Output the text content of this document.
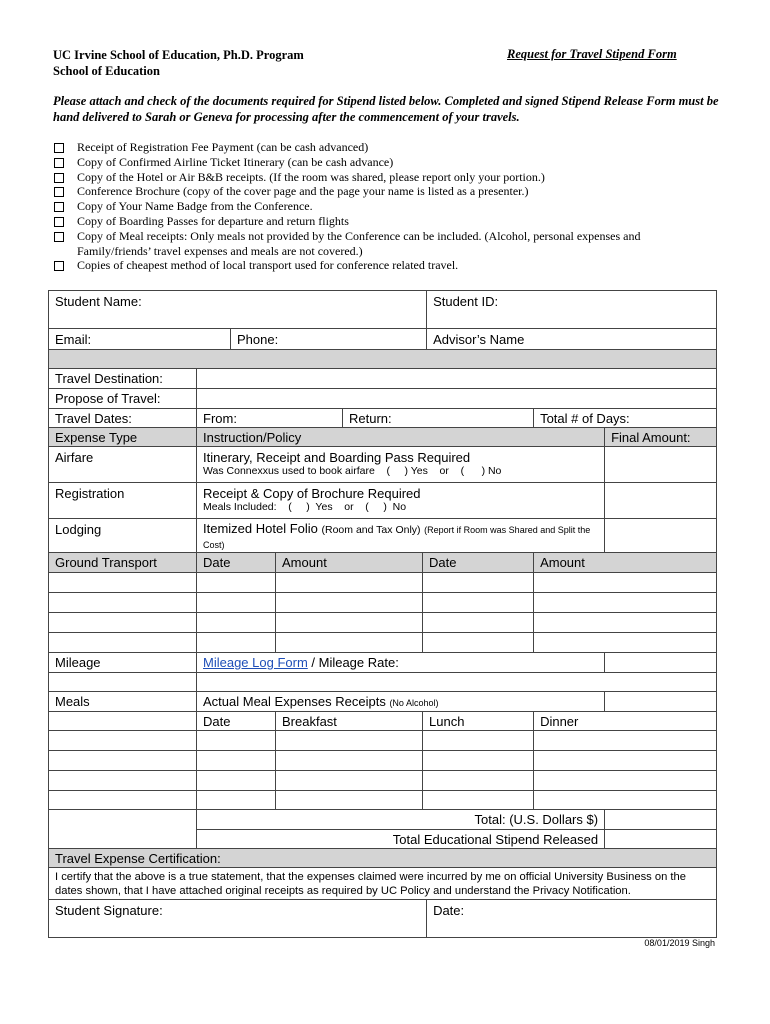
UC Irvine School of Education, Ph.D. Program
School of Education
Request for Travel Stipend Form
Please attach and check of the documents required for Stipend listed below. Completed and signed Stipend Release Form must be hand delivered to Sarah or Geneva for processing after the commencement of your travels.
Receipt of Registration Fee Payment (can be cash advanced)
Copy of Confirmed Airline Ticket Itinerary (can be cash advance)
Copy of the Hotel or Air B&B receipts. (If the room was shared, please report only your portion.)
Conference Brochure (copy of the cover page and the page your name is listed as a presenter.)
Copy of Your Name Badge from the Conference.
Copy of Boarding Passes for departure and return flights
Copy of Meal receipts: Only meals not provided by the Conference can be included. (Alcohol, personal expenses and Family/friends’ travel expenses and meals are not covered.)
Copies of cheapest method of local transport used for conference related travel.
Student Name:						Student ID:		
Email:		Phone:				Advisor’s Name		

Travel Destination:								
Propose of Travel:								
Travel Dates:	From:			Return:			Total # of Days:	
Expense Type	Instruction/Policy							Final Amount:
Airfare	Itinerary, Receipt and Boarding Pass Required
Was Connexxus used to book airfare    (     ) Yes    or    (      ) No							

Registration	Receipt & Copy of Brochure Required
Meals Included:    (     )  Yes    or    (     )  No							

Lodging	Itemized Hotel Folio (Room and Tax Only) (Report if Room was Shared and Split the Cost)							
Ground Transport	Date		Amount		Date		Amount	

Mileage	Mileage Log Form / Mileage Rate:							

Meals	Actual Meal Expenses Receipts (No Alcohol)							
	Date		Breakfast		Lunch		Dinner	

	Total: (U.S. Dollars $)							
	Total Educational Stipend Released							
Travel Expense Certification:								
I certify that the above is a true statement, that the expenses claimed were incurred by me on official University Business on the dates shown, that I have attached original receipts as required by UC Policy and understand the Privacy Notification.								
Student Signature:						Date:		
08/01/2019 Singh
